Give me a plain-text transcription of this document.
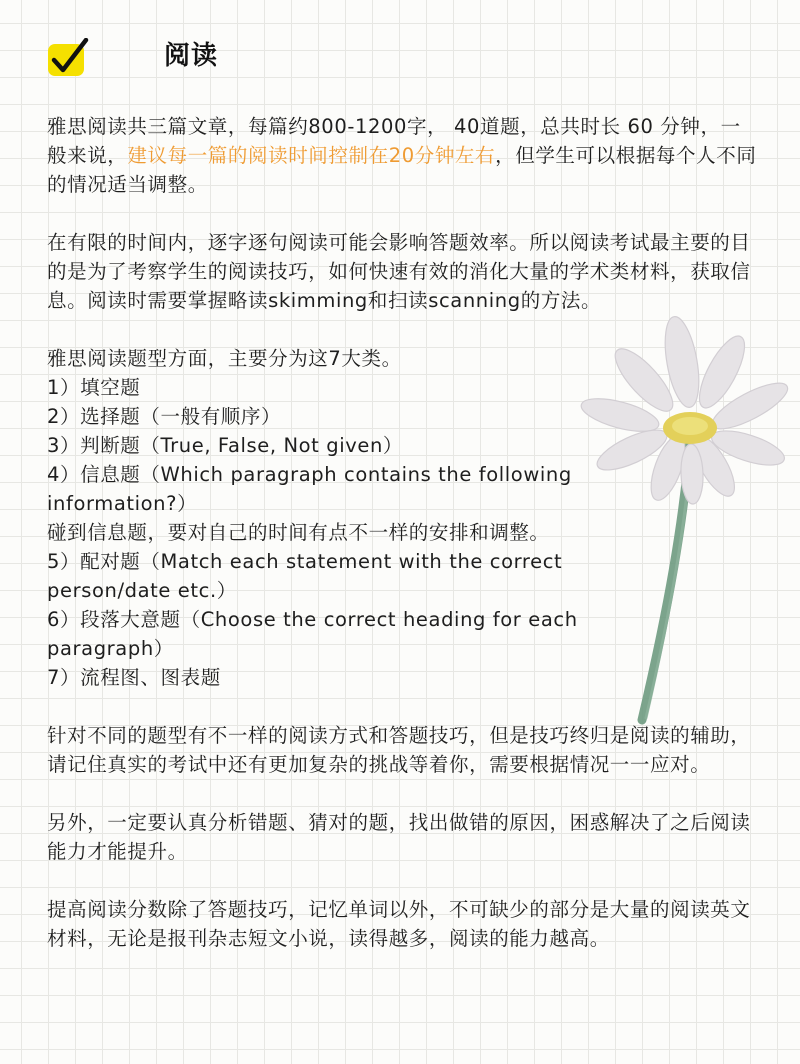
阅读

雅思阅读共三篇文章，每篇约800-1200字， 40道题，总共时长 60 分钟，一般来说，建议每一篇的阅读时间控制在20分钟左右，但学生可以根据每个人不同的情况适当调整。

在有限的时间内，逐字逐句阅读可能会影响答题效率。所以阅读考试最主要的目的是为了考察学生的阅读技巧，如何快速有效的消化大量的学术类材料，获取信息。阅读时需要掌握略读skimming和扫读scanning的方法。

雅思阅读题型方面，主要分为这7大类。

1）填空题

2）选择题（一般有顺序）

3）判断题（True, False, Not given）

4）信息题（Which paragraph contains the following information?）

碰到信息题，要对自己的时间有点不一样的安排和调整。

5）配对题（Match each statement with the correct person/date etc.）

6）段落大意题（Choose the correct heading for each paragraph）

7）流程图、图表题

针对不同的题型有不一样的阅读方式和答题技巧，但是技巧终归是阅读的辅助，请记住真实的考试中还有更加复杂的挑战等着你，需要根据情况一一应对。

另外，一定要认真分析错题、猜对的题，找出做错的原因，困惑解决了之后阅读能力才能提升。

提高阅读分数除了答题技巧，记忆单词以外，不可缺少的部分是大量的阅读英文材料，无论是报刊杂志短文小说，读得越多，阅读的能力越高。
